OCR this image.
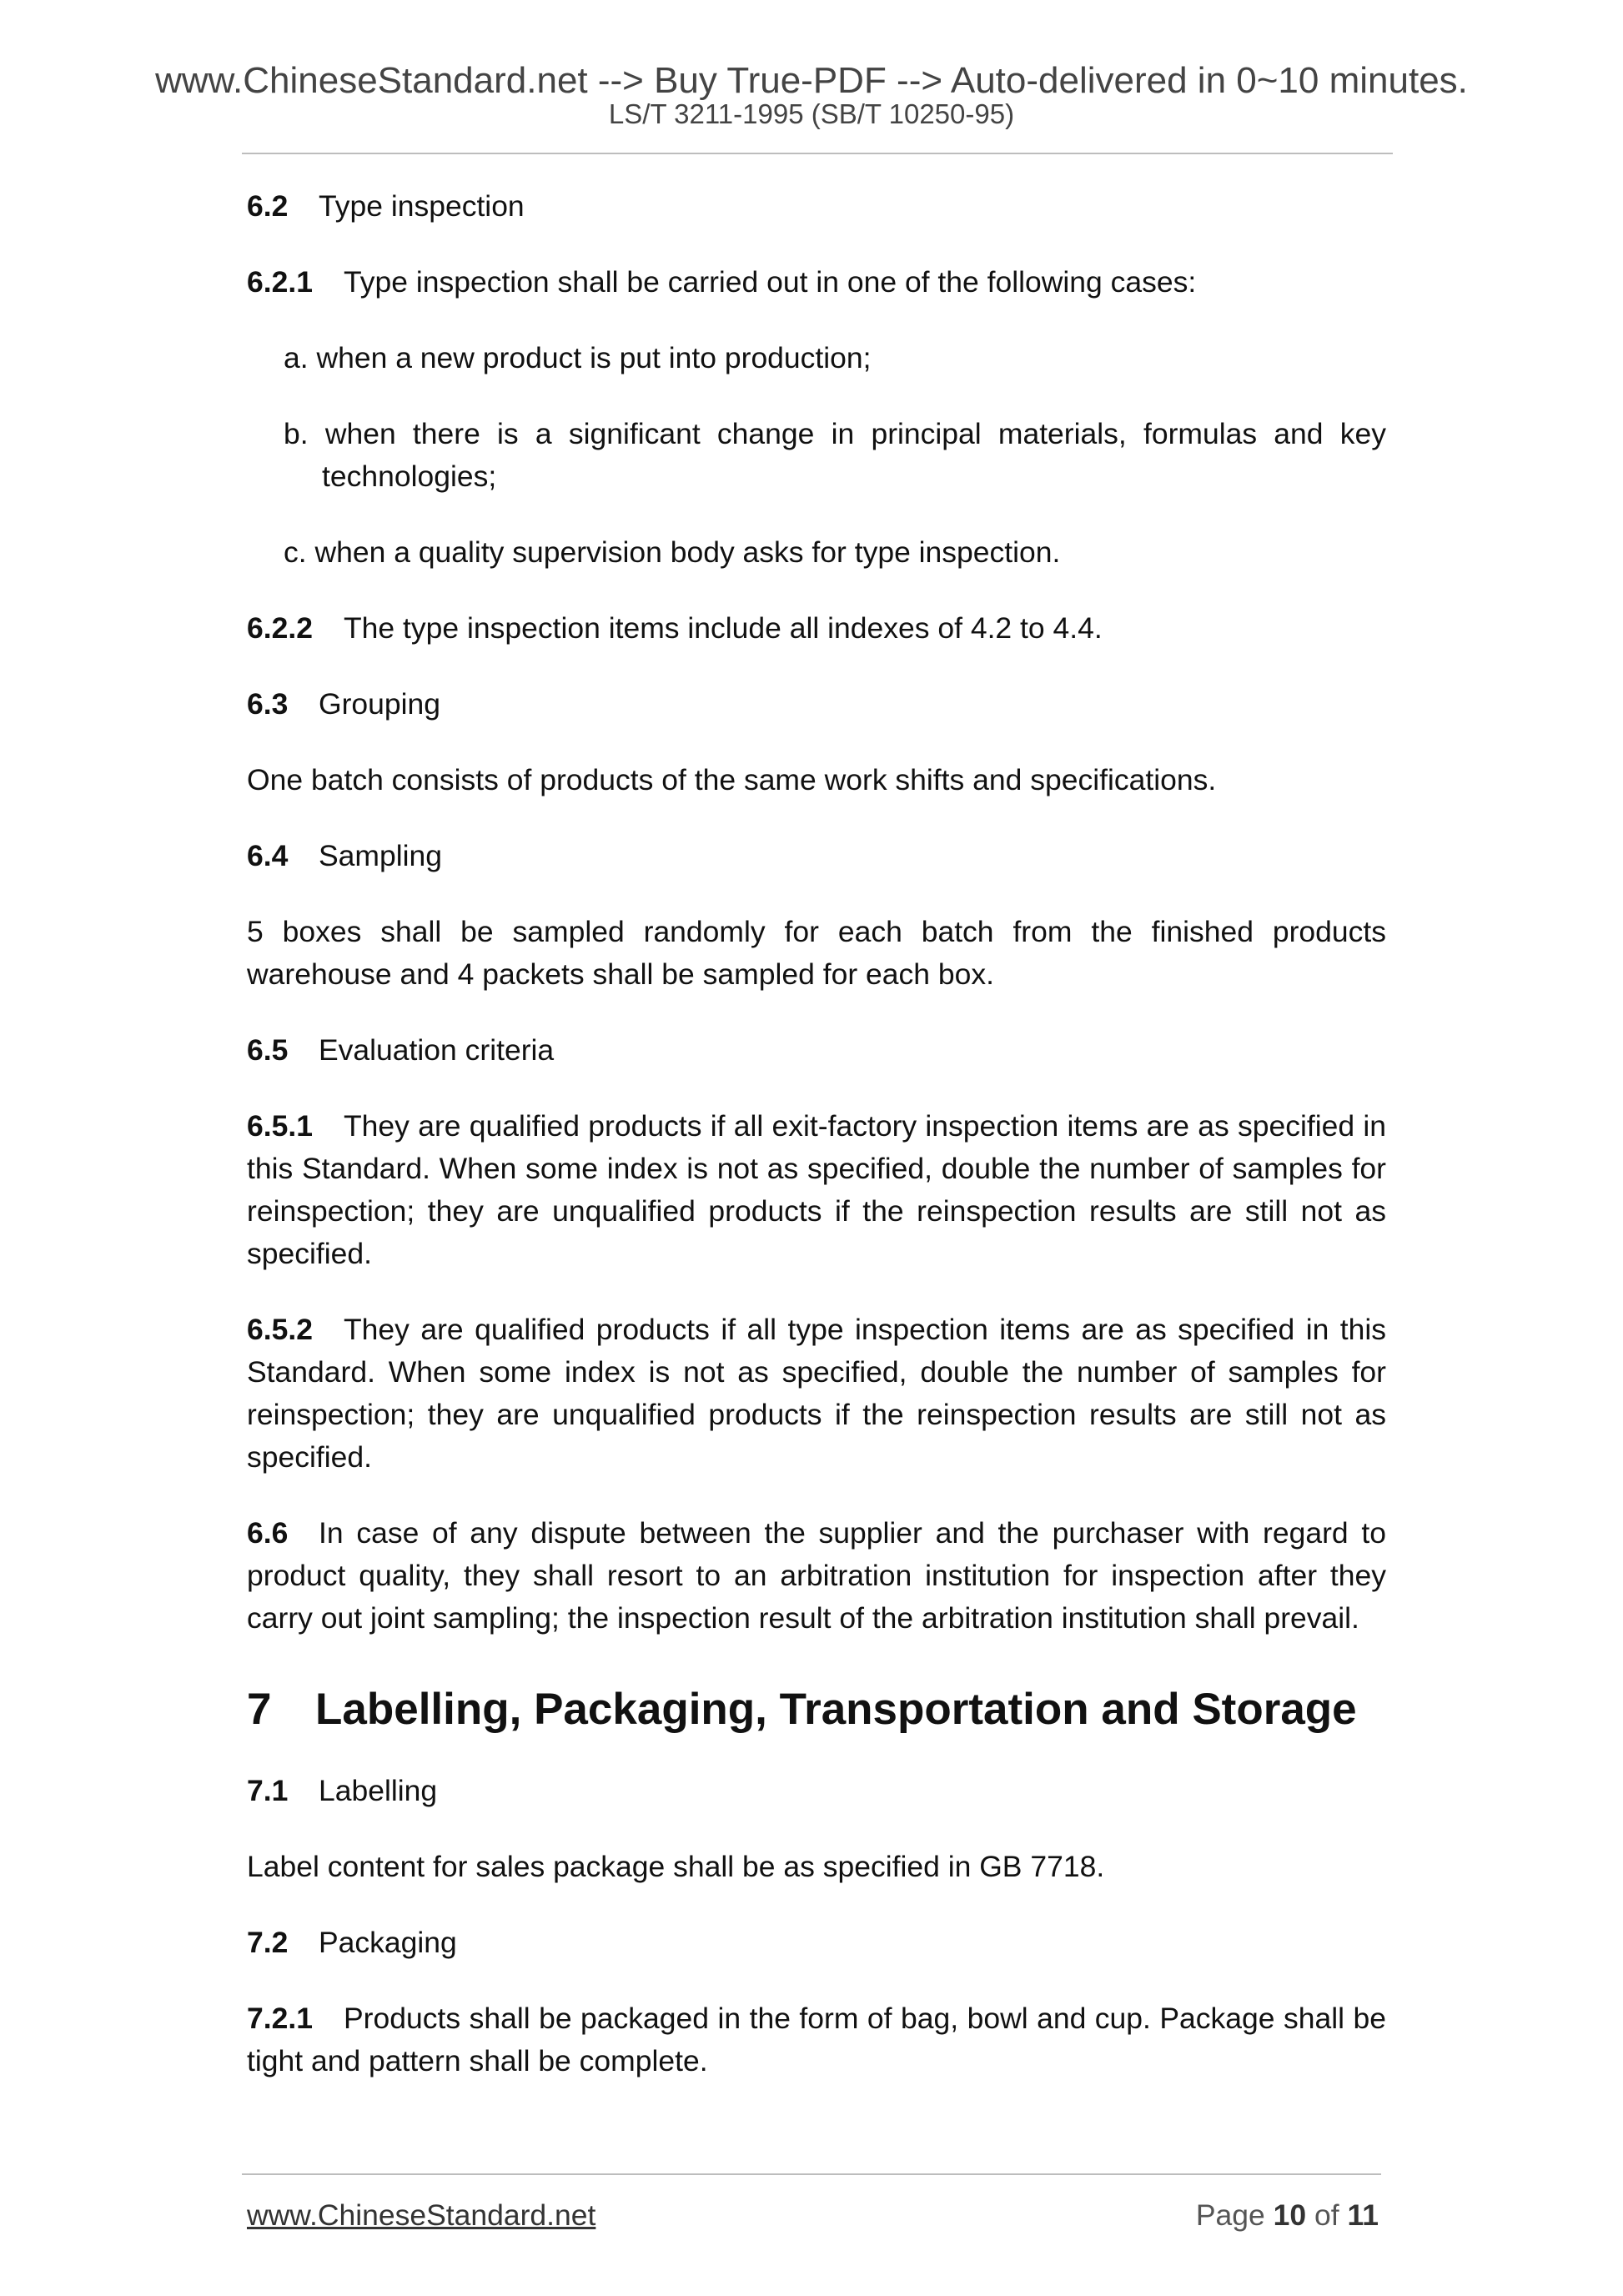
www.ChineseStandard.net --> Buy True-PDF --> Auto-delivered in 0~10 minutes.
LS/T 3211-1995 (SB/T 10250-95)

6.2 Type inspection

6.2.1 Type inspection shall be carried out in one of the following cases:

a. when a new product is put into production;

b. when there is a significant change in principal materials, formulas and key technologies;

c. when a quality supervision body asks for type inspection.

6.2.2 The type inspection items include all indexes of 4.2 to 4.4.

6.3 Grouping

One batch consists of products of the same work shifts and specifications.

6.4 Sampling

5 boxes shall be sampled randomly for each batch from the finished products warehouse and 4 packets shall be sampled for each box.

6.5 Evaluation criteria

6.5.1 They are qualified products if all exit-factory inspection items are as specified in this Standard. When some index is not as specified, double the number of samples for reinspection; they are unqualified products if the reinspection results are still not as specified.

6.5.2 They are qualified products if all type inspection items are as specified in this Standard. When some index is not as specified, double the number of samples for reinspection; they are unqualified products if the reinspection results are still not as specified.

6.6 In case of any dispute between the supplier and the purchaser with regard to product quality, they shall resort to an arbitration institution for inspection after they carry out joint sampling; the inspection result of the arbitration institution shall prevail.

7 Labelling, Packaging, Transportation and Storage

7.1 Labelling

Label content for sales package shall be as specified in GB 7718.

7.2 Packaging

7.2.1 Products shall be packaged in the form of bag, bowl and cup. Package shall be tight and pattern shall be complete.

www.ChineseStandard.net	Page 10 of 11
